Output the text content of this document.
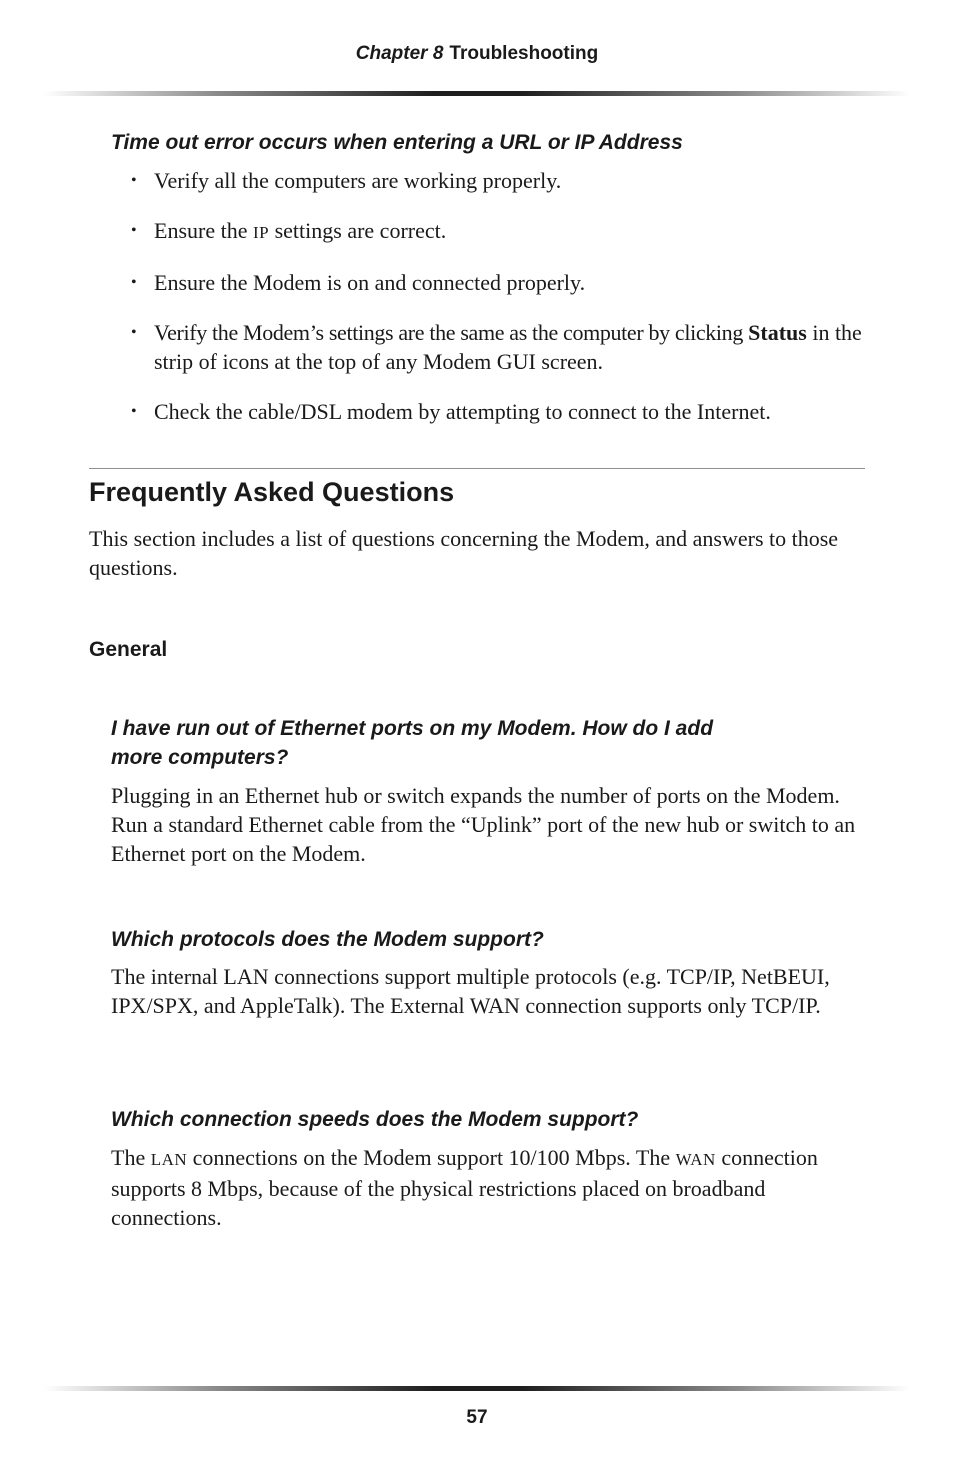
Chapter 8 Troubleshooting
Time out error occurs when entering a URL or IP Address
• Verify all the computers are working properly.
• Ensure the IP settings are correct.
• Ensure the Modem is on and connected properly.
• Verify the Modem’s settings are the same as the computer by clicking Status in the strip of icons at the top of any Modem GUI screen.
• Check the cable/DSL modem by attempting to connect to the Internet.
Frequently Asked Questions

This section includes a list of questions concerning the Modem, and answers to those questions.

General
I have run out of Ethernet ports on my Modem. How do I add more computers?

Plugging in an Ethernet hub or switch expands the number of ports on the Modem. Run a standard Ethernet cable from the “Uplink” port of the new hub or switch to an Ethernet port on the Modem.

Which protocols does the Modem support?

The internal LAN connections support multiple protocols (e.g. TCP/IP, NetBEUI, IPX/SPX, and AppleTalk). The External WAN connection supports only TCP/IP.

Which connection speeds does the Modem support?

The LAN connections on the Modem support 10/100 Mbps. The WAN connection supports 8 Mbps, because of the physical restrictions placed on broadband connections.

57
